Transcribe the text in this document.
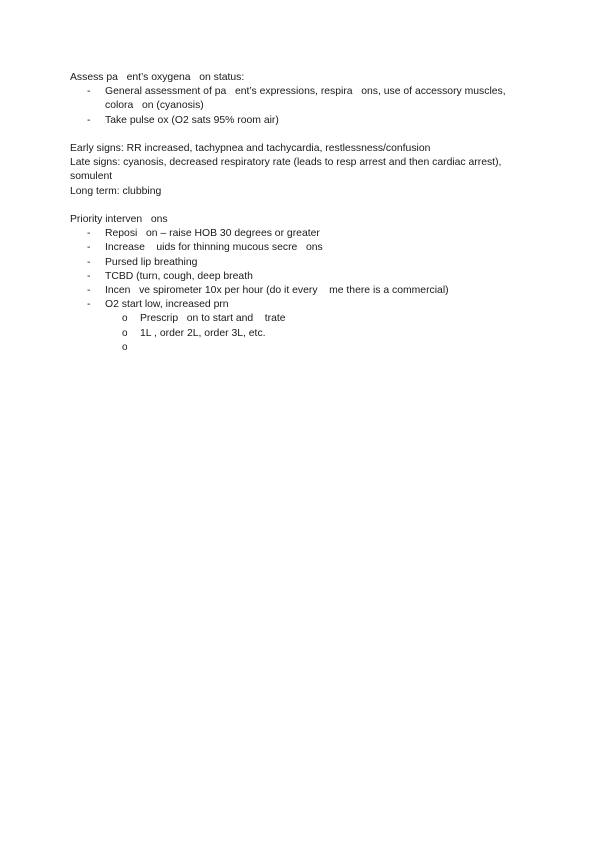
Assess pa   ent’s oxygena   on status:
- General assessment of pa   ent’s expressions, respira   ons, use of accessory muscles,
colora   on (cyanosis)
- Take pulse ox (O2 sats 95% room air)
Early signs: RR increased, tachypnea and tachycardia, restlessness/confusion
Late signs: cyanosis, decreased respiratory rate (leads to resp arrest and then cardiac arrest),
somulent
Long term: clubbing
Priority interven   ons
- Reposi   on – raise HOB 30 degrees or greater
- Increase    uids for thinning mucous secre   ons
- Pursed lip breathing
- TCBD (turn, cough, deep breath
- Incen   ve spirometer 10x per hour (do it every    me there is a commercial)
- O2 start low, increased prn
o Prescrip   on to start and    trate
o 1L , order 2L, order 3L, etc.
o
